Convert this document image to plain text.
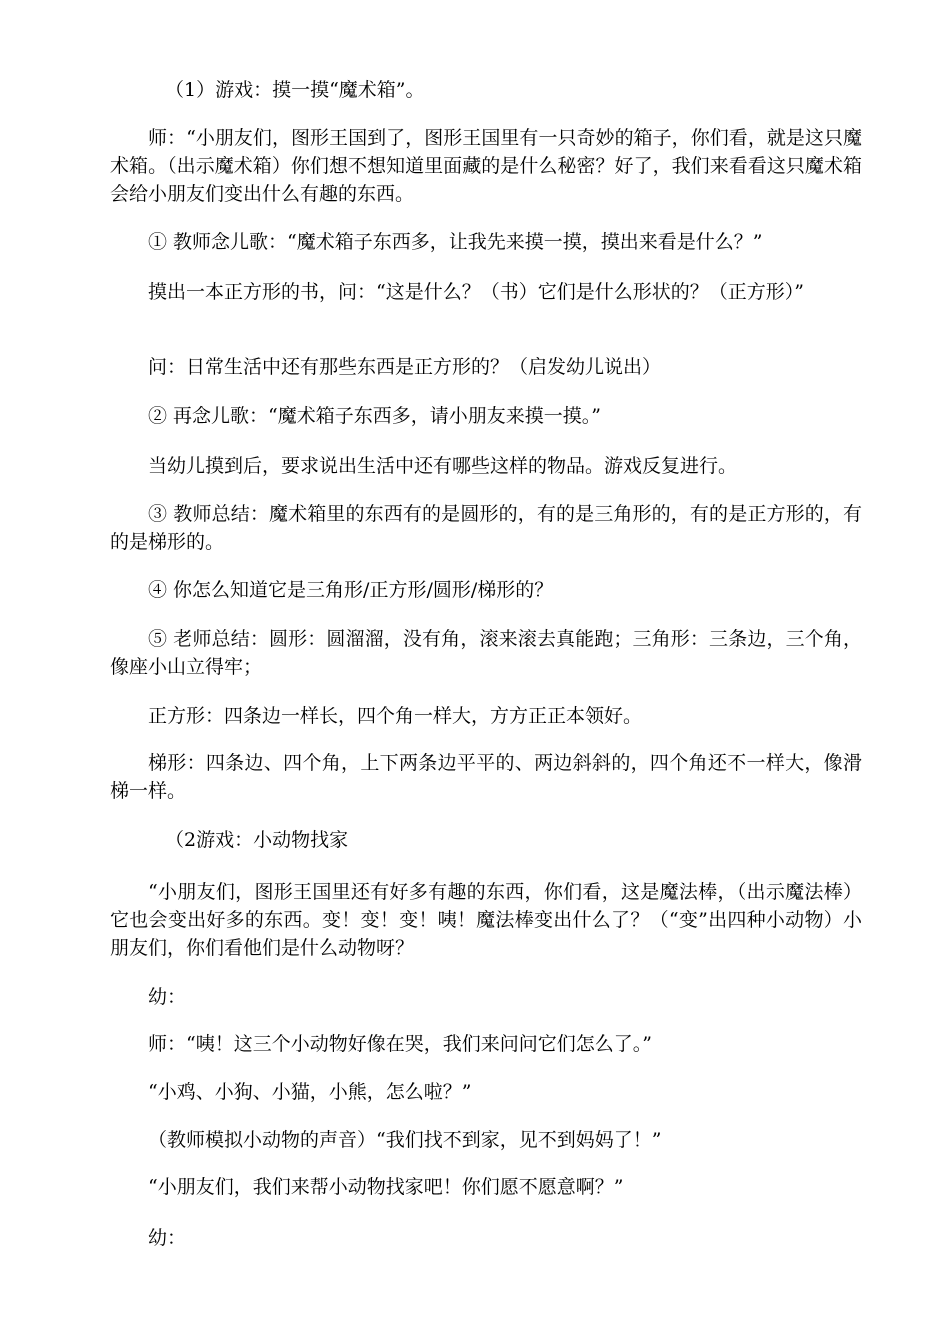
（1）游戏：摸一摸“魔术箱”。

师：“小朋友们，图形王国到了，图形王国里有一只奇妙的箱子，你们看，就是这只魔术箱。（出示魔术箱）你们想不想知道里面藏的是什么秘密？好了，我们来看看这只魔术箱会给小朋友们变出什么有趣的东西。

① 教师念儿歌：“魔术箱子东西多，让我先来摸一摸，摸出来看是什么？”

摸出一本正方形的书，问：“这是什么？（书）它们是什么形状的？（正方形）”

问：日常生活中还有那些东西是正方形的？（启发幼儿说出）

② 再念儿歌：“魔术箱子东西多，请小朋友来摸一摸。”

当幼儿摸到后，要求说出生活中还有哪些这样的物品。游戏反复进行。

③ 教师总结：魔术箱里的东西有的是圆形的，有的是三角形的，有的是正方形的，有的是梯形的。

④ 你怎么知道它是三角形/正方形/圆形/梯形的？

⑤ 老师总结：圆形：圆溜溜，没有角，滚来滚去真能跑；三角形：三条边，三个角，像座小山立得牢；

正方形：四条边一样长，四个角一样大，方方正正本领好。

梯形：四条边、四个角，上下两条边平平的、两边斜斜的，四个角还不一样大，像滑梯一样。

（2游戏：小动物找家

“小朋友们，图形王国里还有好多有趣的东西，你们看，这是魔法棒，（出示魔法棒）它也会变出好多的东西。变！变！变！咦！魔法棒变出什么了？（“变”出四种小动物）小朋友们，你们看他们是什么动物呀？

幼：

师：“咦！这三个小动物好像在哭，我们来问问它们怎么了。”

“小鸡、小狗、小猫，小熊，怎么啦？”

（教师模拟小动物的声音）“我们找不到家，见不到妈妈了！”

“小朋友们，我们来帮小动物找家吧！你们愿不愿意啊？”

幼：
